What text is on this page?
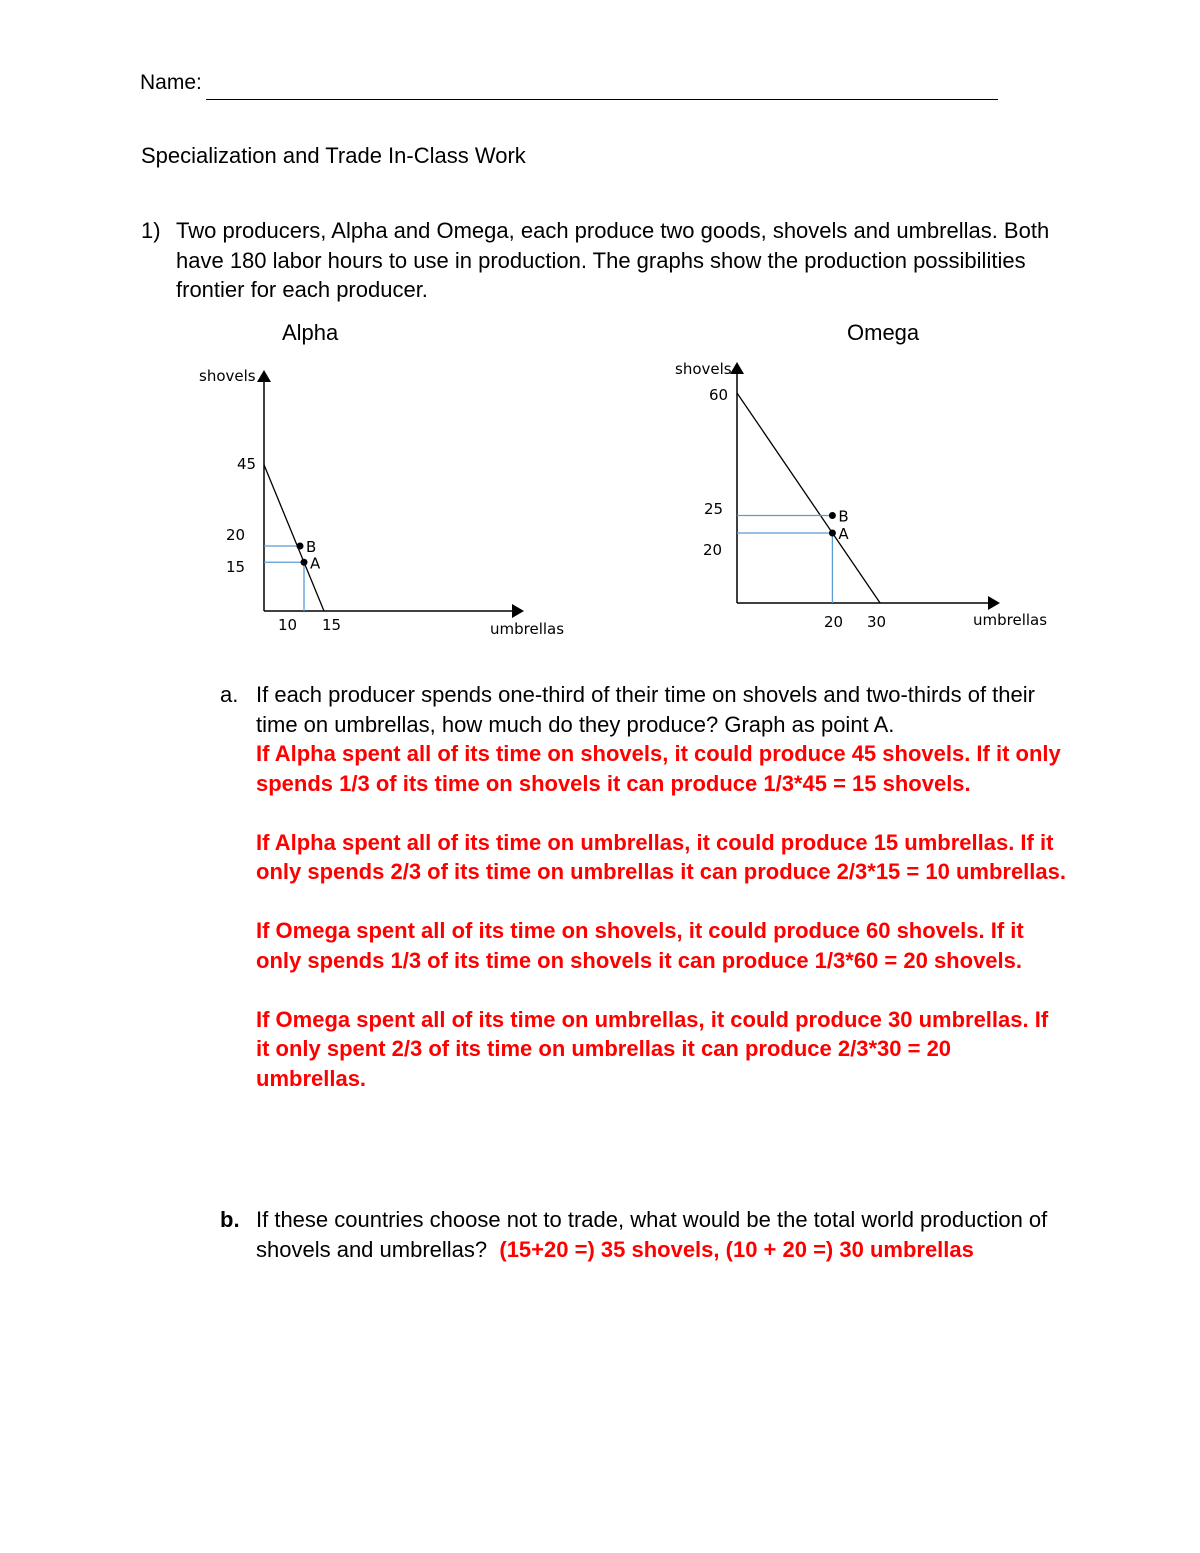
Name:
Specialization and Trade In-Class Work
1) Two producers, Alpha and Omega, each produce two goods, shovels and umbrellas. Both have 180 labor hours to use in production. The graphs show the production possibilities frontier for each producer.
Alpha	Omega
shovels
umbrellas
A
B
10 15
45
20
15
shovels
umbrellas
A
B
20 30
60
25
20
a. If each producer spends one-third of their time on shovels and two-thirds of their time on umbrellas, how much do they produce? Graph as point A.
If Alpha spent all of its time on shovels, it could produce 45 shovels. If it only spends 1/3 of its time on shovels it can produce 1/3*45 = 15 shovels.
If Alpha spent all of its time on umbrellas, it could produce 15 umbrellas. If it only spends 2/3 of its time on umbrellas it can produce 2/3*15 = 10 umbrellas.
If Omega spent all of its time on shovels, it could produce 60 shovels. If it only spends 1/3 of its time on shovels it can produce 1/3*60 = 20 shovels.
If Omega spent all of its time on umbrellas, it could produce 30 umbrellas. If it only spent 2/3 of its time on umbrellas it can produce 2/3*30 = 20 umbrellas.
b. If these countries choose not to trade, what would be the total world production of shovels and umbrellas? (15+20 =) 35 shovels, (10 + 20 =) 30 umbrellas
